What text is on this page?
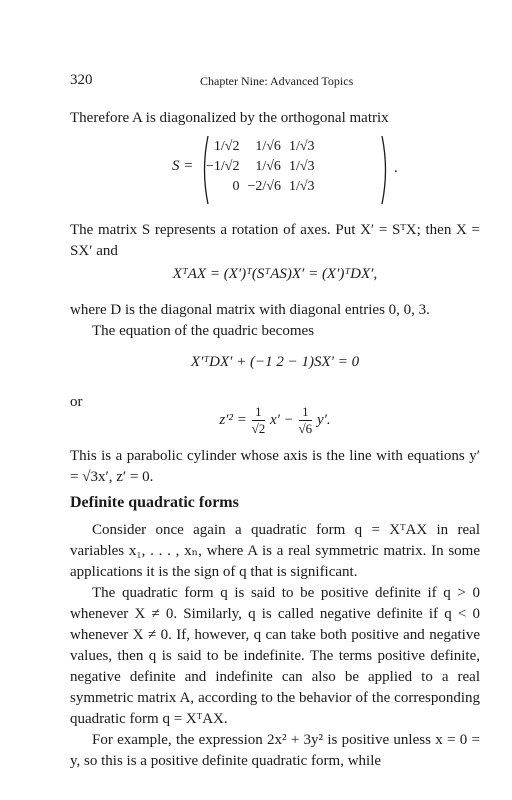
320	Chapter Nine: Advanced Topics

Therefore A is diagonalized by the orthogonal matrix

S =
1/√2	1/√6	1/√3
−1/√2	1/√6	1/√3
0	−2/√6	1/√3
.

The matrix S represents a rotation of axes. Put X′ = SᵀX; then X = SX′ and

XᵀAX = (X′)ᵀ(SᵀAS)X′ = (X′)ᵀDX′,

where D is the diagonal matrix with diagonal entries 0, 0, 3.

The equation of the quadric becomes

X′ᵀDX′ + (−1 2 − 1)SX′ = 0

or

$z'^2 = \frac{1}{√2} x' - \frac{1}{√6} y'$.

This is a parabolic cylinder whose axis is the line with equations y′ = √3x′, z′ = 0.

Definite quadratic forms

Consider once again a quadratic form q = XᵀAX in real variables x₁, . . . , xₙ, where A is a real symmetric matrix. In some applications it is the sign of q that is significant.

The quadratic form q is said to be positive definite if q > 0 whenever X ≠ 0. Similarly, q is called negative definite if q < 0 whenever X ≠ 0. If, however, q can take both positive and negative values, then q is said to be indefinite. The terms positive definite, negative definite and indefinite can also be applied to a real symmetric matrix A, according to the behavior of the corresponding quadratic form q = XᵀAX.

For example, the expression 2x² + 3y² is positive unless x = 0 = y, so this is a positive definite quadratic form, while
